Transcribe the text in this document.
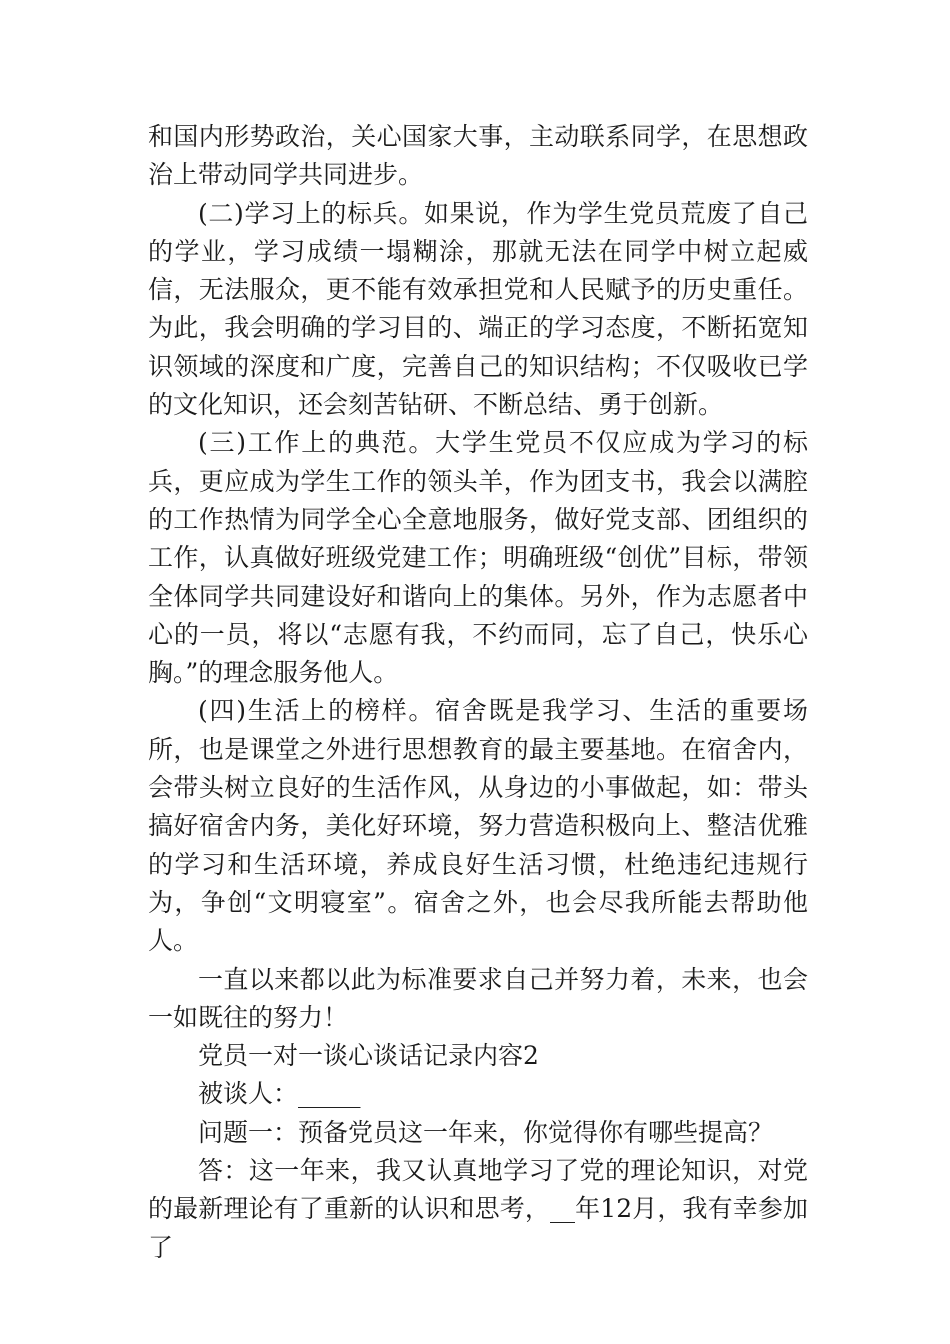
和国内形势政治，关心国家大事，主动联系同学，在思想政治上带动同学共同进步。

(二)学习上的标兵。如果说，作为学生党员荒废了自己的学业，学习成绩一塌糊涂，那就无法在同学中树立起威信，无法服众，更不能有效承担党和人民赋予的历史重任。为此，我会明确的学习目的、端正的学习态度，不断拓宽知识领域的深度和广度，完善自己的知识结构；不仅吸收已学的文化知识，还会刻苦钻研、不断总结、勇于创新。

(三)工作上的典范。大学生党员不仅应成为学习的标兵，更应成为学生工作的领头羊，作为团支书，我会以满腔的工作热情为同学全心全意地服务，做好党支部、团组织的工作，认真做好班级党建工作；明确班级“创优”目标，带领全体同学共同建设好和谐向上的集体。另外，作为志愿者中心的一员，将以“志愿有我，不约而同，忘了自己，快乐心胸。”的理念服务他人。

(四)生活上的榜样。宿舍既是我学习、生活的重要场所，也是课堂之外进行思想教育的最主要基地。在宿舍内，会带头树立良好的生活作风，从身边的小事做起，如：带头搞好宿舍内务，美化好环境，努力营造积极向上、整洁优雅的学习和生活环境，养成良好生活习惯，杜绝违纪违规行为，争创“文明寝室”。宿舍之外，也会尽我所能去帮助他人。

一直以来都以此为标准要求自己并努力着，未来，也会一如既往的努力！

党员一对一谈心谈话记录内容2

被谈人：_____

问题一：预备党员这一年来，你觉得你有哪些提高？

答：这一年来，我又认真地学习了党的理论知识，对党的最新理论有了重新的认识和思考，__年12月，我有幸参加了
